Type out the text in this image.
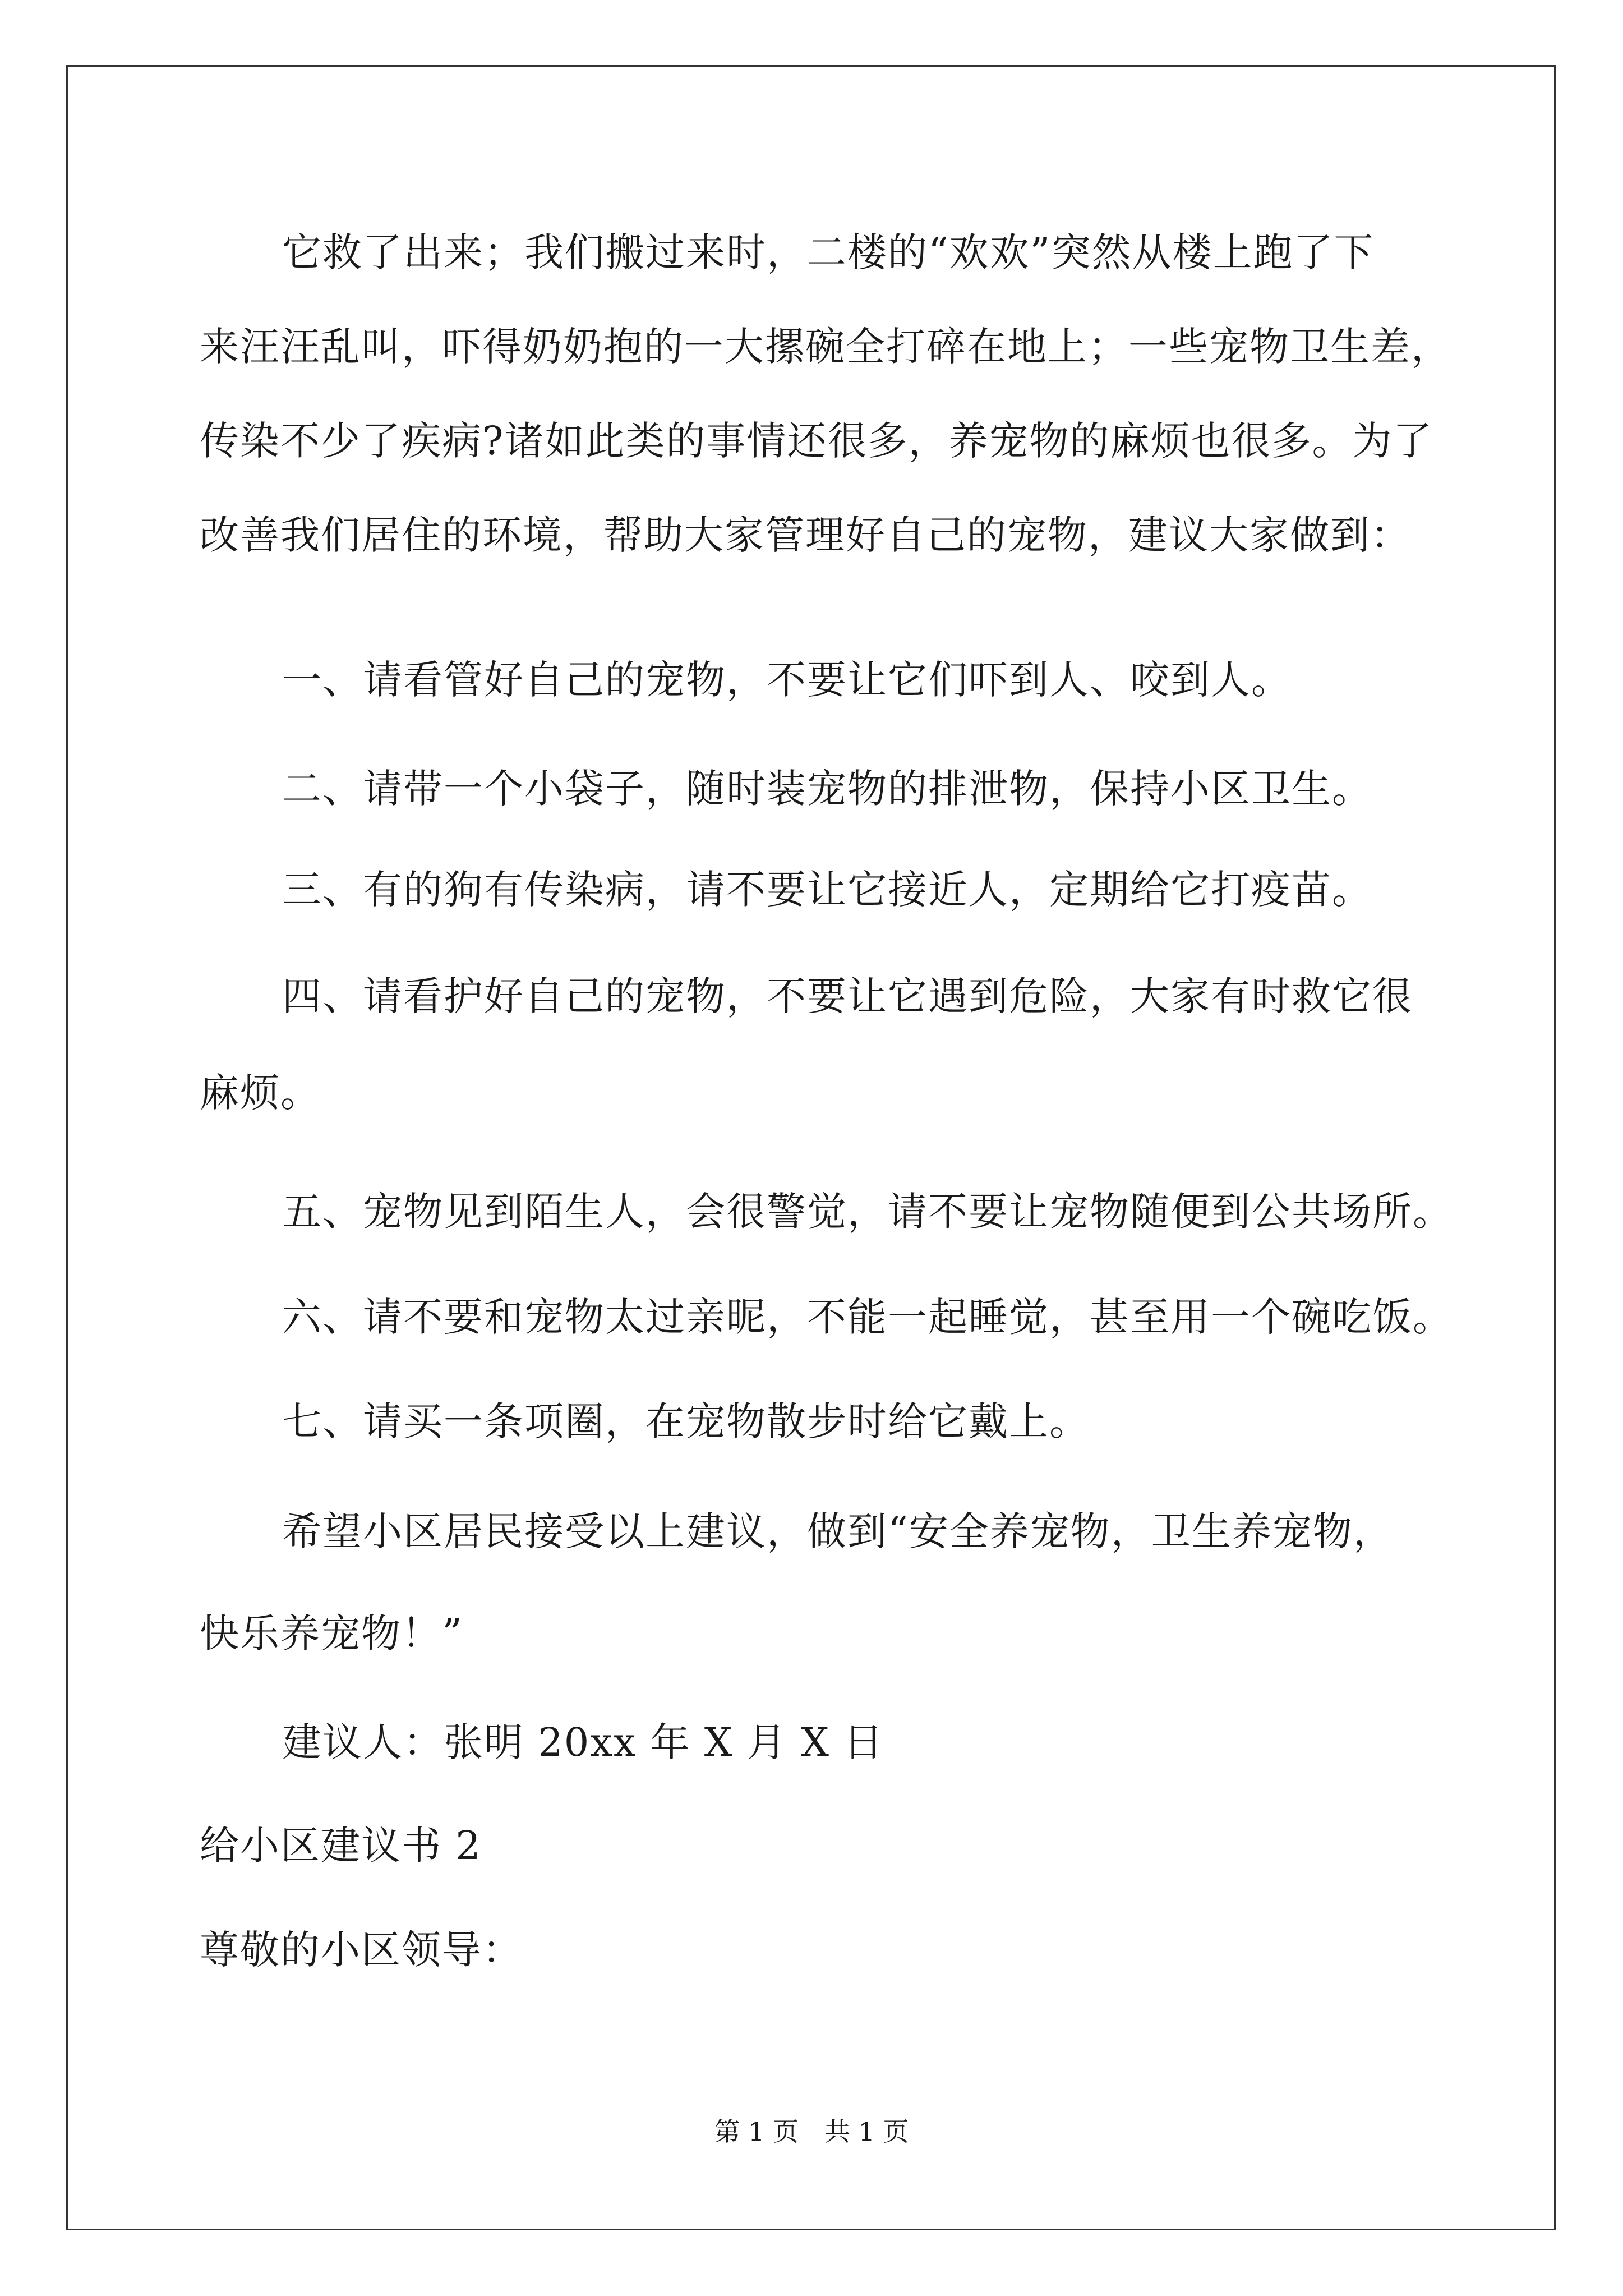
它救了出来；我们搬过来时，二楼的“欢欢”突然从楼上跑了下
来汪汪乱叫，吓得奶奶抱的一大摞碗全打碎在地上；一些宠物卫生差，
传染不少了疾病?诸如此类的事情还很多，养宠物的麻烦也很多。为了
改善我们居住的环境，帮助大家管理好自己的宠物，建议大家做到：
一、请看管好自己的宠物，不要让它们吓到人、咬到人。
二、请带一个小袋子，随时装宠物的排泄物，保持小区卫生。
三、有的狗有传染病，请不要让它接近人，定期给它打疫苗。
四、请看护好自己的宠物，不要让它遇到危险，大家有时救它很
麻烦。
五、宠物见到陌生人，会很警觉，请不要让宠物随便到公共场所。
六、请不要和宠物太过亲昵，不能一起睡觉，甚至用一个碗吃饭。
七、请买一条项圈，在宠物散步时给它戴上。
希望小区居民接受以上建议，做到“安全养宠物，卫生养宠物，
快乐养宠物！”
建议人：张明 20xx 年 X 月 X 日
给小区建议书 2
尊敬的小区领导：
第 1 页　共 1 页
